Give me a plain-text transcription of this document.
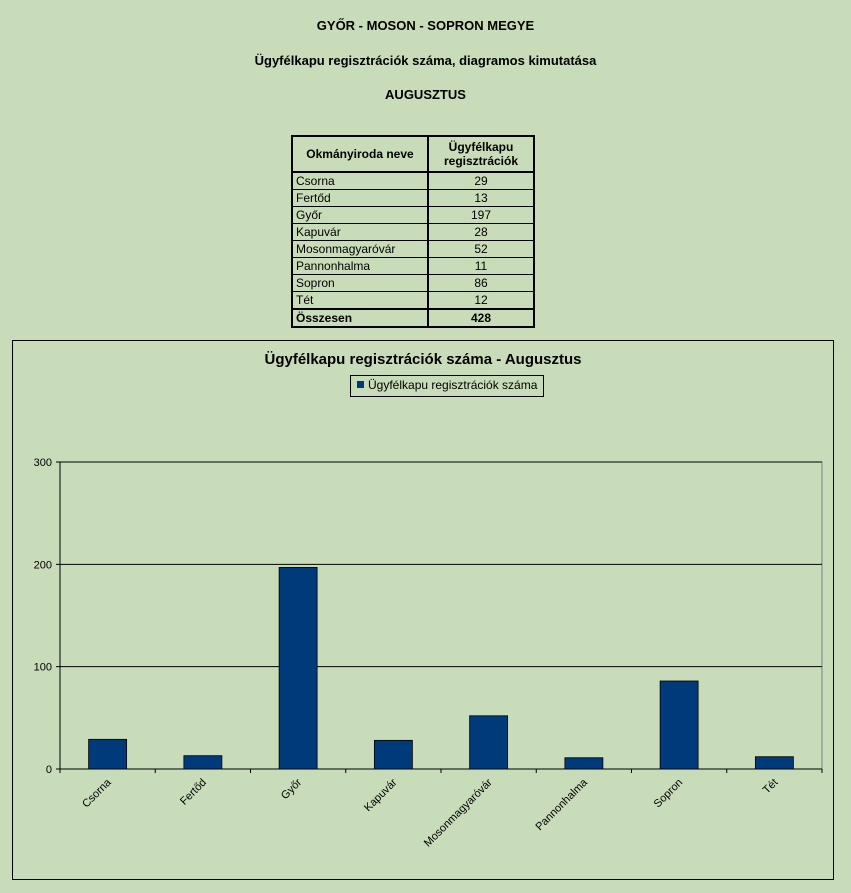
GYŐR - MOSON - SOPRON MEGYE
Ügyfélkapu regisztrációk száma, diagramos kimutatása
AUGUSZTUS
Okmányiroda neve	Ügyfélkapu
regisztrációk
Csorna	29
Fertőd	13
Győr	197
Kapuvár	28
Mosonmagyaróvár	52
Pannonhalma	11
Sopron	86
Tét	12
Összesen	428
Ügyfélkapu regisztrációk száma - Augusztus
Ügyfélkapu regisztrációk száma
0
100
200
300
Csorna	Fertőd	Győr	Kapuvár Mosonmagyaróvár	Pannonhalma	Sopron	Tét
